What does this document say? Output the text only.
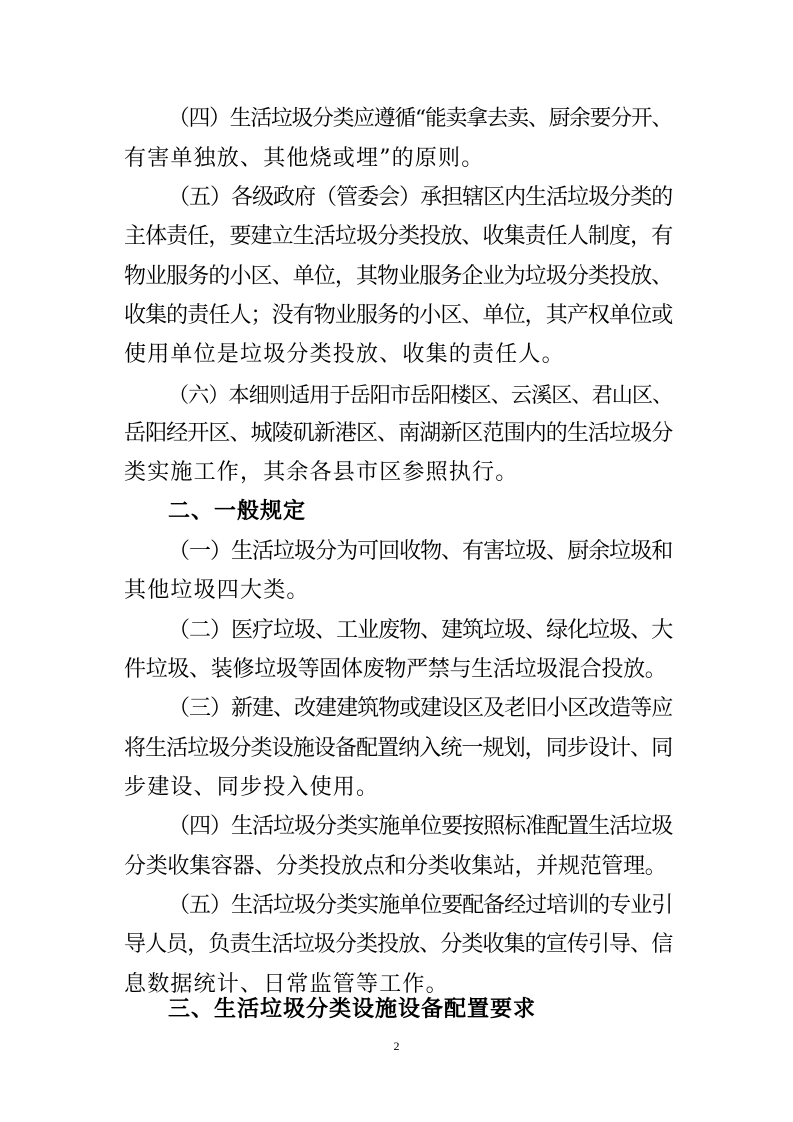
（四）生活垃圾分类应遵循“能卖拿去卖、厨余要分开、
有害单独放、其他烧或埋”的原则。
（五）各级政府（管委会）承担辖区内生活垃圾分类的
主体责任，要建立生活垃圾分类投放、收集责任人制度，有
物业服务的小区、单位，其物业服务企业为垃圾分类投放、
收集的责任人；没有物业服务的小区、单位，其产权单位或
使用单位是垃圾分类投放、收集的责任人。
（六）本细则适用于岳阳市岳阳楼区、云溪区、君山区、
岳阳经开区、城陵矶新港区、南湖新区范围内的生活垃圾分
类实施工作，其余各县市区参照执行。
二、一般规定
（一）生活垃圾分为可回收物、有害垃圾、厨余垃圾和
其他垃圾四大类。
（二）医疗垃圾、工业废物、建筑垃圾、绿化垃圾、大
件垃圾、装修垃圾等固体废物严禁与生活垃圾混合投放。
（三）新建、改建建筑物或建设区及老旧小区改造等应
将生活垃圾分类设施设备配置纳入统一规划，同步设计、同
步建设、同步投入使用。
（四）生活垃圾分类实施单位要按照标准配置生活垃圾
分类收集容器、分类投放点和分类收集站，并规范管理。
（五）生活垃圾分类实施单位要配备经过培训的专业引
导人员，负责生活垃圾分类投放、分类收集的宣传引导、信
息数据统计、日常监管等工作。
三、生活垃圾分类设施设备配置要求
2
